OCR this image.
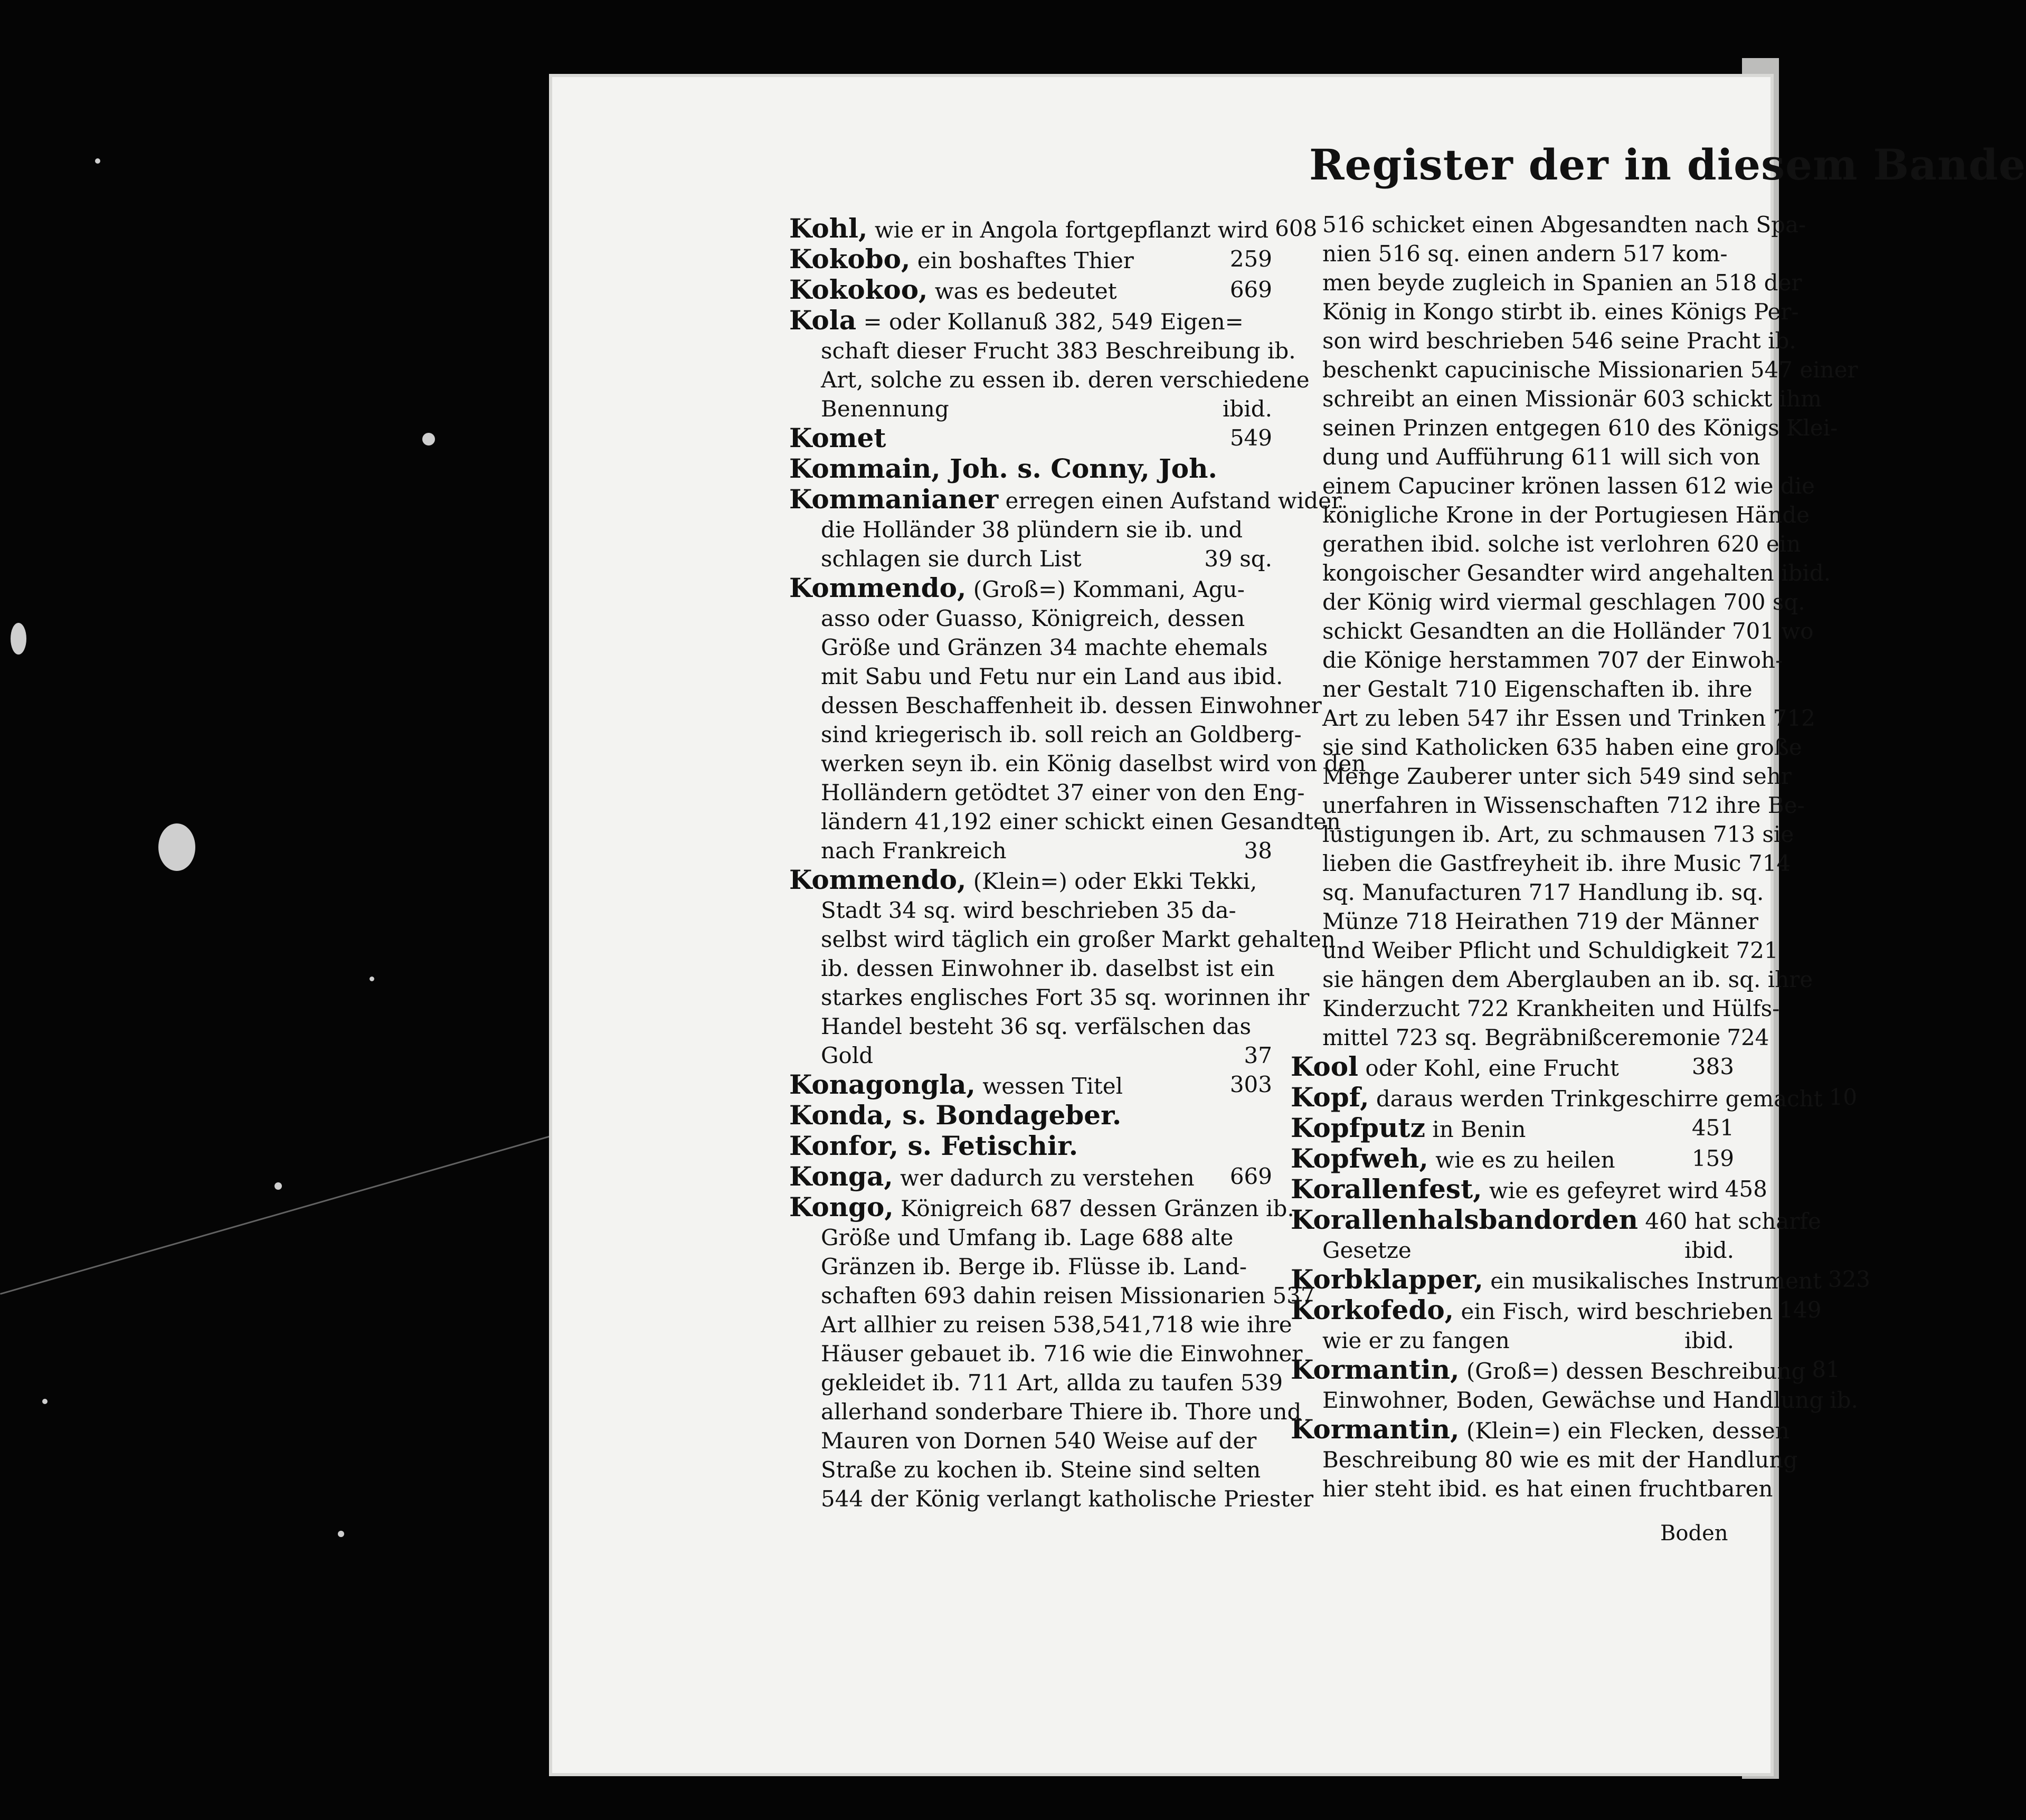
Register der in diesem Bande
Kohl, wie er in Angola fortgepflanzt wird 608
Kokobo, ein boshaftes Thier	259
Kokokoo, was es bedeutet	669
Kola = oder Kollanuß 382, 549 Eigen=
schaft dieser Frucht 383 Beschreibung ib.
Art, solche zu essen ib. deren verschiedene
Benennung	ibid.
Komet	549
Kommain, Joh. s. Conny, Joh.
Kommanianer erregen einen Aufstand wider
die Holländer 38 plündern sie ib. und
schlagen sie durch List	39 sq.
Kommendo, (Groß=) Kommani, Agu-
asso oder Guasso, Königreich, dessen
Größe und Gränzen 34 machte ehemals
mit Sabu und Fetu nur ein Land aus ibid.
dessen Beschaffenheit ib. dessen Einwohner
sind kriegerisch ib. soll reich an Goldberg-
werken seyn ib. ein König daselbst wird von den
Holländern getödtet 37 einer von den Eng-
ländern 41,192 einer schickt einen Gesandten
nach Frankreich	38
Kommendo, (Klein=) oder Ekki Tekki,
Stadt 34 sq. wird beschrieben 35 da-
selbst wird täglich ein großer Markt gehalten
ib. dessen Einwohner ib. daselbst ist ein
starkes englisches Fort 35 sq. worinnen ihr
Handel besteht 36 sq. verfälschen das
Gold	37
Konagongla, wessen Titel	303
Konda, s. Bondageber.
Konfor, s. Fetischir.
Konga, wer dadurch zu verstehen	669
Kongo, Königreich 687 dessen Gränzen ib.
Größe und Umfang ib. Lage 688 alte
Gränzen ib. Berge ib. Flüsse ib. Land-
schaften 693 dahin reisen Missionarien 537
Art allhier zu reisen 538,541,718 wie ihre
Häuser gebauet ib. 716 wie die Einwohner
gekleidet ib. 711 Art, allda zu taufen 539
allerhand sonderbare Thiere ib. Thore und
Mauren von Dornen 540 Weise auf der
Straße zu kochen ib. Steine sind selten
544 der König verlangt katholische Priester
516 schicket einen Abgesandten nach Spa-
nien 516 sq. einen andern 517 kom-
men beyde zugleich in Spanien an 518 der
König in Kongo stirbt ib. eines Königs Per-
son wird beschrieben 546 seine Pracht ib.
beschenkt capucinische Missionarien 547 einer
schreibt an einen Missionär 603 schickt ihm
seinen Prinzen entgegen 610 des Königs Klei-
dung und Aufführung 611 will sich von
einem Capuciner krönen lassen 612 wie die
königliche Krone in der Portugiesen Hände
gerathen ibid. solche ist verlohren 620 ein
kongoischer Gesandter wird angehalten ibid.
der König wird viermal geschlagen 700 sq.
schickt Gesandten an die Holländer 701 wo
die Könige herstammen 707 der Einwoh-
ner Gestalt 710 Eigenschaften ib. ihre
Art zu leben 547 ihr Essen und Trinken 712
sie sind Katholicken 635 haben eine große
Menge Zauberer unter sich 549 sind sehr
unerfahren in Wissenschaften 712 ihre Be-
lustigungen ib. Art, zu schmausen 713 sie
lieben die Gastfreyheit ib. ihre Music 714
sq. Manufacturen 717 Handlung ib. sq.
Münze 718 Heirathen 719 der Männer
und Weiber Pflicht und Schuldigkeit 721
sie hängen dem Aberglauben an ib. sq. ihre
Kinderzucht 722 Krankheiten und Hülfs-
mittel 723 sq. Begräbnißceremonie 724
Kool oder Kohl, eine Frucht	383
Kopf, daraus werden Trinkgeschirre gemacht 10
Kopfputz in Benin	451
Kopfweh, wie es zu heilen	159
Korallenfest, wie es gefeyret wird 458
Korallenhalsbandorden 460 hat scharfe
Gesetze	ibid.
Korbklapper, ein musikalisches Instrument 323
Korkofedo, ein Fisch, wird beschrieben 149
wie er zu fangen	ibid.
Kormantin, (Groß=) dessen Beschreibung 81
Einwohner, Boden, Gewächse und Handlung ib.
Kormantin, (Klein=) ein Flecken, dessen
Beschreibung 80 wie es mit der Handlung
hier steht ibid. es hat einen fruchtbaren
Boden
